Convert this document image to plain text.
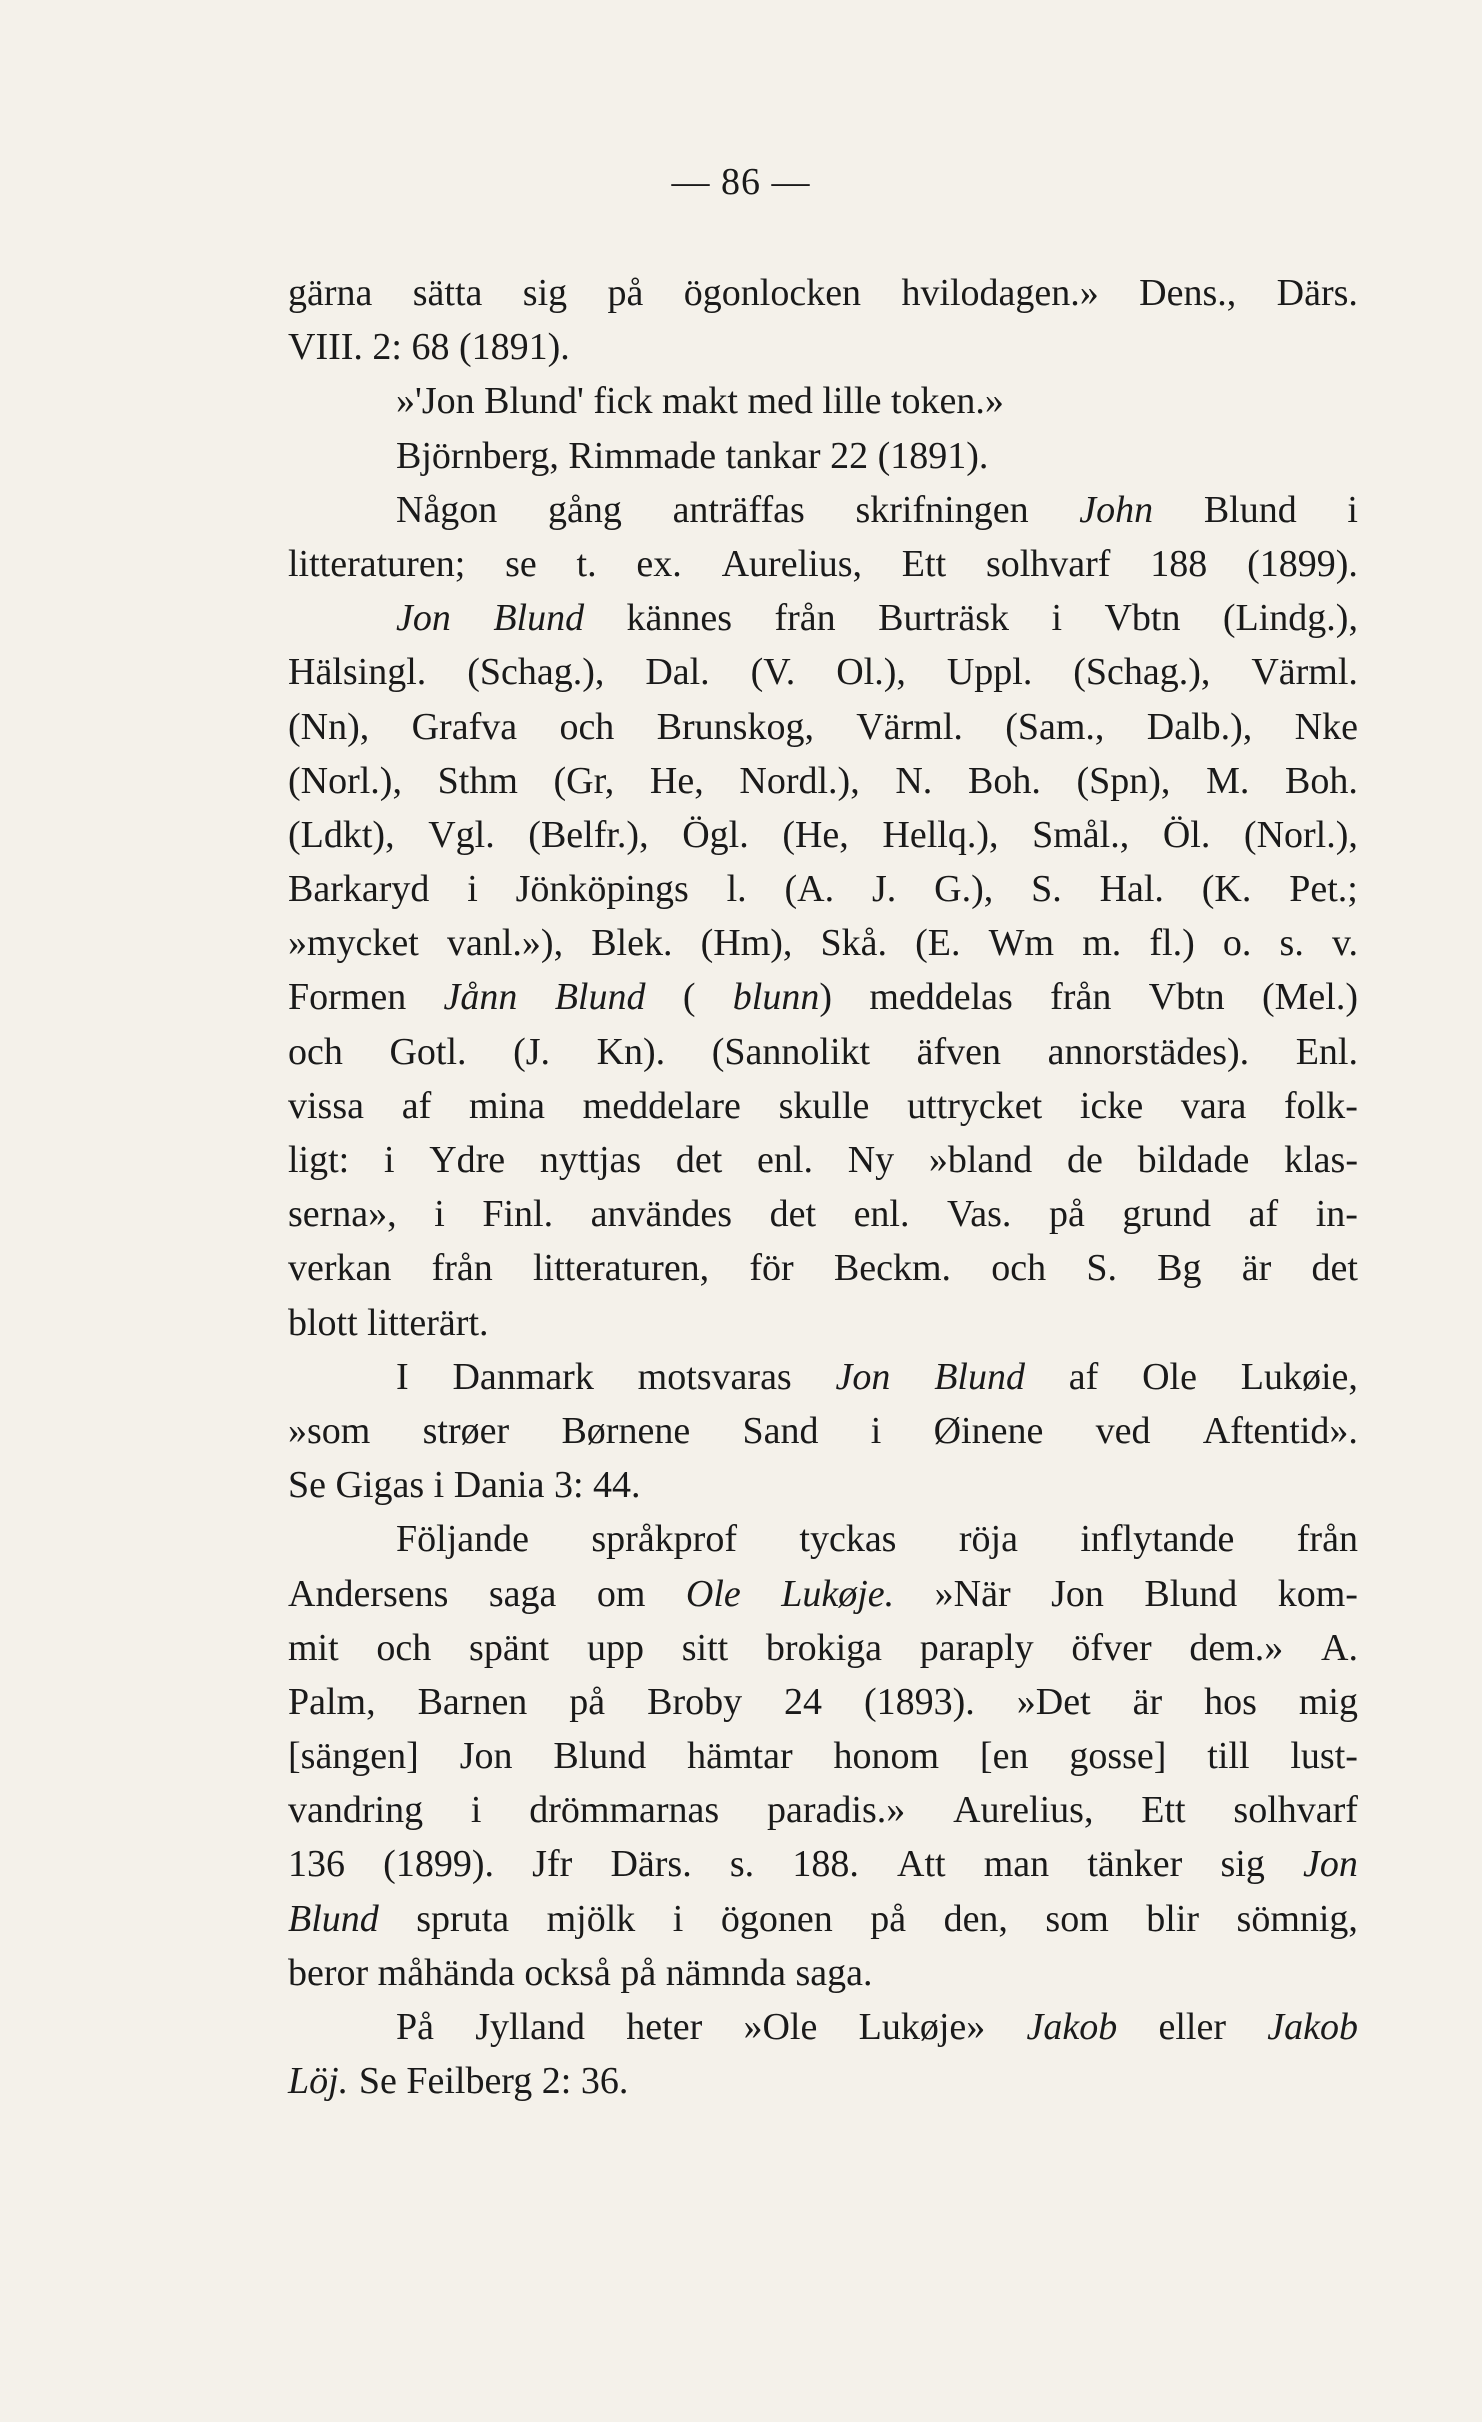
— 86 —
gärna sätta sig på ögonlocken hvilodagen.» Dens., Därs.
VIII. 2: 68 (1891).
»'Jon Blund' fick makt med lille token.»
Björnberg, Rimmade tankar 22 (1891).
Någon gång anträffas skrifningen John Blund i
litteraturen; se t. ex. Aurelius, Ett solhvarf 188 (1899).
Jon Blund kännes från Burträsk i Vbtn (Lindg.),
Hälsingl. (Schag.), Dal. (V. Ol.), Uppl. (Schag.), Värml.
(Nn), Grafva och Brunskog, Värml. (Sam., Dalb.), Nke
(Norl.), Sthm (Gr, He, Nordl.), N. Boh. (Spn), M. Boh.
(Ldkt), Vgl. (Belfr.), Ögl. (He, Hellq.), Smål., Öl. (Norl.),
Barkaryd i Jönköpings l. (A. J. G.), S. Hal. (K. Pet.;
»mycket vanl.»), Blek. (Hm), Skå. (E. Wm m. fl.) o. s. v.
Formen Jånn Blund ( blunn) meddelas från Vbtn (Mel.)
och Gotl. (J. Kn). (Sannolikt äfven annorstädes). Enl.
vissa af mina meddelare skulle uttrycket icke vara folk-
ligt: i Ydre nyttjas det enl. Ny »bland de bildade klas-
serna», i Finl. användes det enl. Vas. på grund af in-
verkan från litteraturen, för Beckm. och S. Bg är det
blott litterärt.
I Danmark motsvaras Jon Blund af Ole Lukøie,
»som strøer Børnene Sand i Øinene ved Aftentid».
Se Gigas i Dania 3: 44.
Följande språkprof tyckas röja inflytande från
Andersens saga om Ole Lukøje. »När Jon Blund kom-
mit och spänt upp sitt brokiga paraply öfver dem.» A.
Palm, Barnen på Broby 24 (1893). »Det är hos mig
[sängen] Jon Blund hämtar honom [en gosse] till lust-
vandring i drömmarnas paradis.» Aurelius, Ett solhvarf
136 (1899). Jfr Därs. s. 188. Att man tänker sig Jon
Blund spruta mjölk i ögonen på den, som blir sömnig,
beror måhända också på nämnda saga.
På Jylland heter »Ole Lukøje» Jakob eller Jakob
Löj. Se Feilberg 2: 36.
